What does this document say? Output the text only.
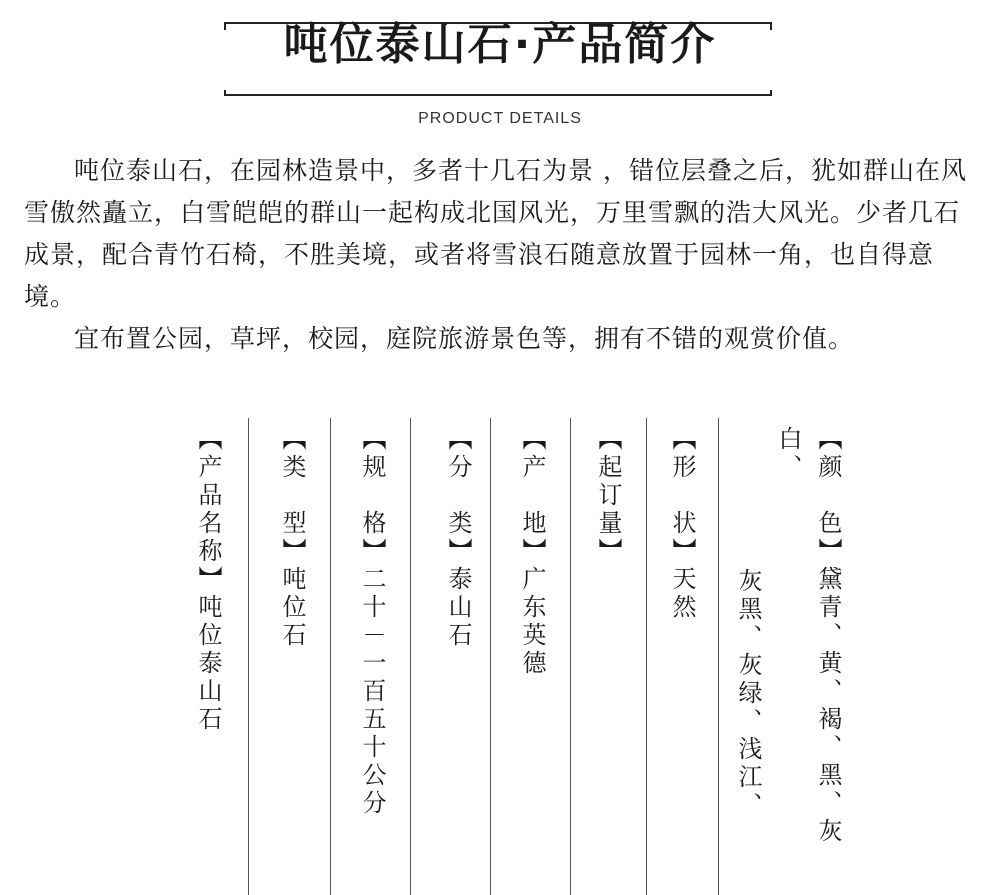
吨位泰山石·产品简介
PRODUCT DETAILS

吨位泰山石，在园林造景中，多者十几石为景 ，错位层叠之后，犹如群山在风雪傲然矗立，白雪皑皑的群山一起构成北国风光，万里雪飘的浩大风光。少者几石成景，配合青竹石椅，不胜美境，或者将雪浪石随意放置于园林一角，也自得意境。

宜布置公园，草坪，校园，庭院旅游景色等，拥有不错的观赏价值。

【产品名称】吨位泰山石 【类　型】吨位石 【规　格】二十－一百五十公分 【分　类】泰山石 【产　地】广东英德 【起订量】 【形　状】天然	【颜　色】黛青、黄、褐、黑、灰白、
灰黑、灰绿、浅江、
